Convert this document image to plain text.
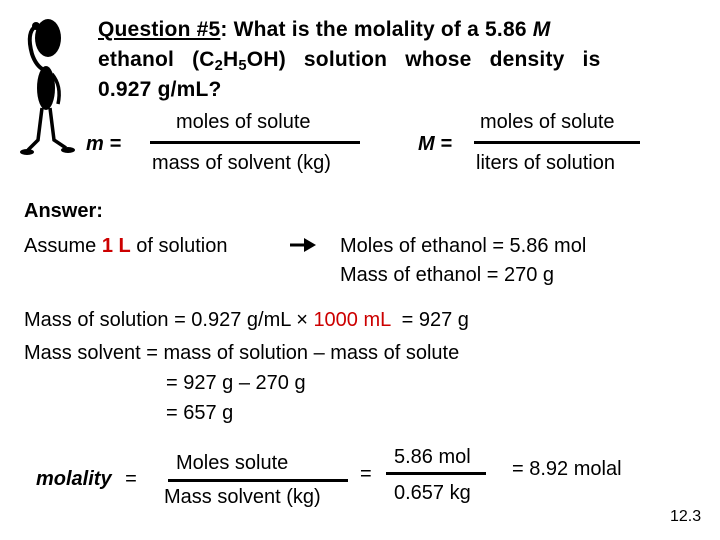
Question #5: What is the molality of a 5.86 M
ethanol $(C_2H_5OH)$ solution whose density is
0.927 g/mL?
m =
moles of solute
mass of solvent (kg)
M =
moles of solute
liters of solution
Answer:
Assume 1 L of solution	Moles of ethanol = 5.86 mol
Mass of ethanol = 270 g
Mass of solution = 0.927 g/mL × 1000 mL  = 927 g
Mass solvent = mass of solution – mass of solute
= 927 g – 270 g
= 657 g
molality =
Moles solute
Mass solvent (kg)
=
5.86 mol
0.657 kg
= 8.92 molal
12.3
